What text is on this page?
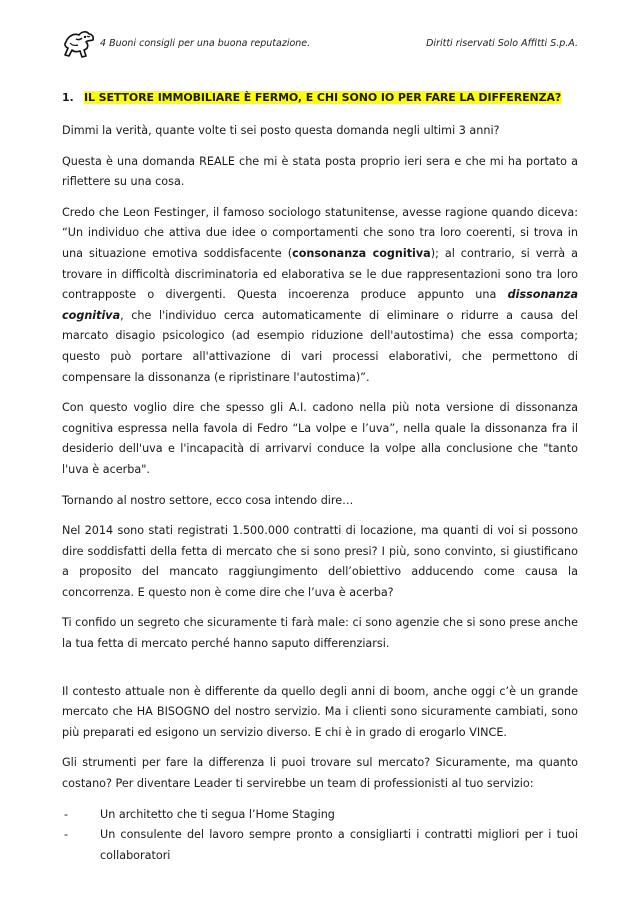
4 Buoni consigli per una buona reputazione.	Diritti riservati Solo Affitti S.p.A.
1. IL SETTORE IMMOBILIARE È FERMO, E CHI SONO IO PER FARE LA DIFFERENZA?

Dimmi la verità, quante volte ti sei posto questa domanda negli ultimi 3 anni?

Questa è una domanda REALE che mi è stata posta proprio ieri sera e che mi ha portato a riflettere su una cosa.

Credo che Leon Festinger, il famoso sociologo statunitense, avesse ragione quando diceva: “Un individuo che attiva due idee o comportamenti che sono tra loro coerenti, si trova in una situazione emotiva soddisfacente (consonanza cognitiva); al contrario, si verrà a trovare in difficoltà discriminatoria ed elaborativa se le due rappresentazioni sono tra loro contrapposte o divergenti. Questa incoerenza produce appunto una dissonanza cognitiva, che l'individuo cerca automaticamente di eliminare o ridurre a causa del marcato disagio psicologico (ad esempio riduzione dell'autostima) che essa comporta; questo può portare all'attivazione di vari processi elaborativi, che permettono di compensare la dissonanza (e ripristinare l'autostima)”.

Con questo voglio dire che spesso gli A.I. cadono nella più nota versione di dissonanza cognitiva espressa nella favola di Fedro “La volpe e l’uva”, nella quale la dissonanza fra il desiderio dell'uva e l'incapacità di arrivarvi conduce la volpe alla conclusione che "tanto l'uva è acerba".

Tornando al nostro settore, ecco cosa intendo dire…

Nel 2014 sono stati registrati 1.500.000 contratti di locazione, ma quanti di voi si possono dire soddisfatti della fetta di mercato che si sono presi? I più, sono convinto, si giustificano a proposito del mancato raggiungimento dell’obiettivo adducendo come causa la concorrenza. E questo non è come dire che l’uva è acerba?

Ti confido un segreto che sicuramente ti farà male: ci sono agenzie che si sono prese anche la tua fetta di mercato perché hanno saputo differenziarsi.

Il contesto attuale non è differente da quello degli anni di boom, anche oggi c’è un grande mercato che HA BISOGNO del nostro servizio. Ma i clienti sono sicuramente cambiati, sono più preparati ed esigono un servizio diverso. E chi è in grado di erogarlo VINCE.

Gli strumenti per fare la differenza li puoi trovare sul mercato? Sicuramente, ma quanto costano? Per diventare Leader ti servirebbe un team di professionisti al tuo servizio:

-	Un architetto che ti segua l’Home Staging
-	Un consulente del lavoro sempre pronto a consigliarti i contratti migliori per i tuoi collaboratori
